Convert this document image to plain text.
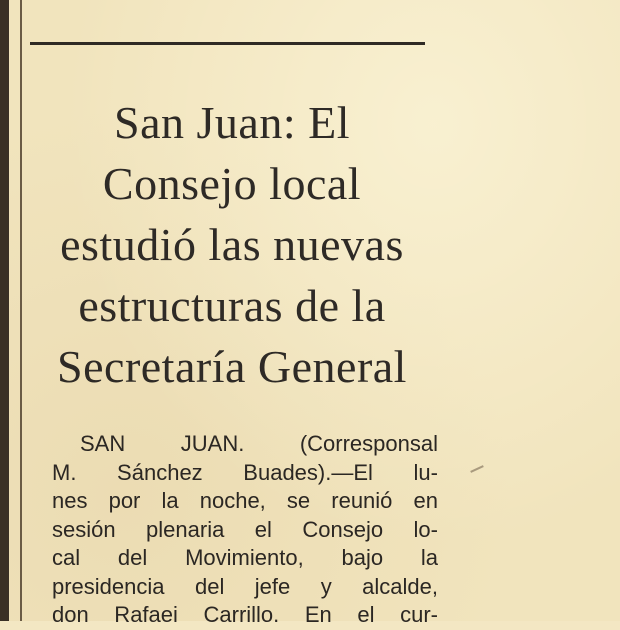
San Juan: El
Consejo local
estudió las nuevas
estructuras de la
Secretaría General
SAN JUAN. (Corresponsal
M. Sánchez Buades).—El lu-
nes por la noche, se reunió en
sesión plenaria el Consejo lo-
cal del Movimiento, bajo la
presidencia del jefe y alcalde,
don Rafaei Carrillo. En el cur-
